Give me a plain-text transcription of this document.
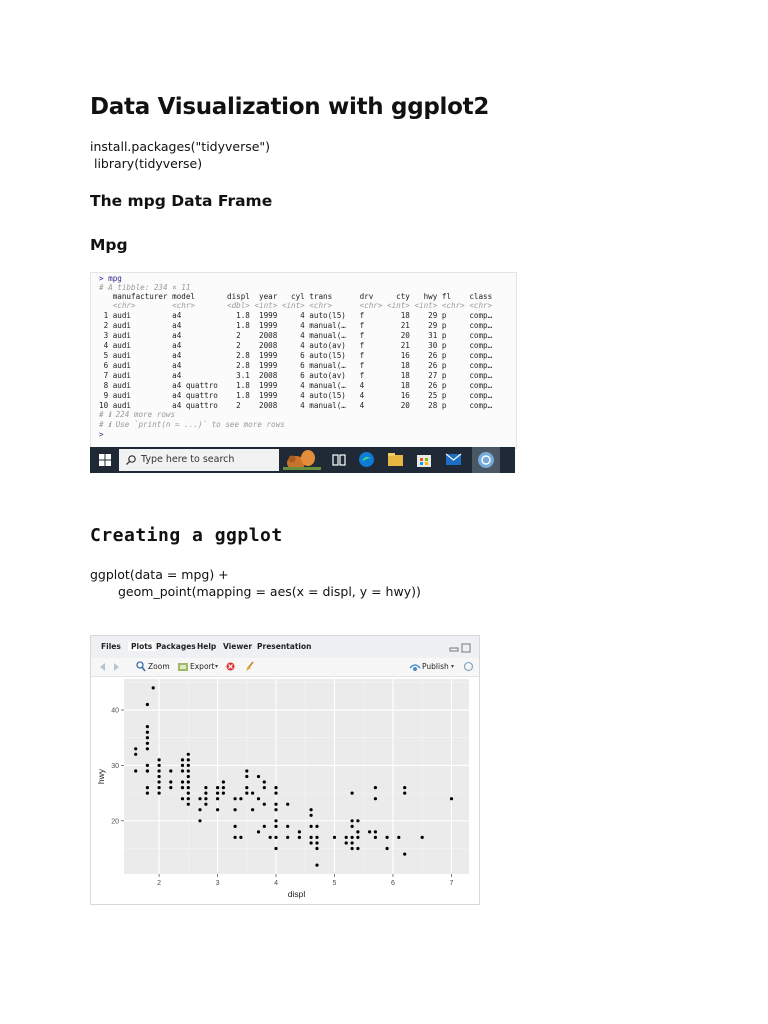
Data Visualization with ggplot2
install.packages("tidyverse")
library(tidyverse)
The mpg Data Frame
Mpg
> mpg
# A tibble: 234 × 11
manufacturer model       displ  year   cyl trans      drv     cty   hwy fl    class
<chr>        <chr>       <dbl> <int> <int> <chr>      <chr> <int> <int> <chr> <chr>
1 audi         a4            1.8  1999     4 auto(l5)   f        18    29 p     comp…
2 audi         a4            1.8  1999     4 manual(…   f        21    29 p     comp…
3 audi         a4            2    2008     4 manual(…   f        20    31 p     comp…
4 audi         a4            2    2008     4 auto(av)   f        21    30 p     comp…
5 audi         a4            2.8  1999     6 auto(l5)   f        16    26 p     comp…
6 audi         a4            2.8  1999     6 manual(…   f        18    26 p     comp…
7 audi         a4            3.1  2008     6 auto(av)   f        18    27 p     comp…
8 audi         a4 quattro    1.8  1999     4 manual(…   4        18    26 p     comp…
9 audi         a4 quattro    1.8  1999     4 auto(l5)   4        16    25 p     comp…
10 audi         a4 quattro    2    2008     4 manual(…   4        20    28 p     comp…
# ℹ 224 more rows
# ℹ Use `print(n = ...)` to see more rows
>
Type here to search
Creating a ggplot
ggplot(data = mpg) +
geom_point(mapping = aes(x = displ, y = hwy))
Files	Plots Packages Help Viewer Presentation
Zoom	Export ▾	Publish ▾
2	3	4	5	6	7
20
30
40
displ
hwy
